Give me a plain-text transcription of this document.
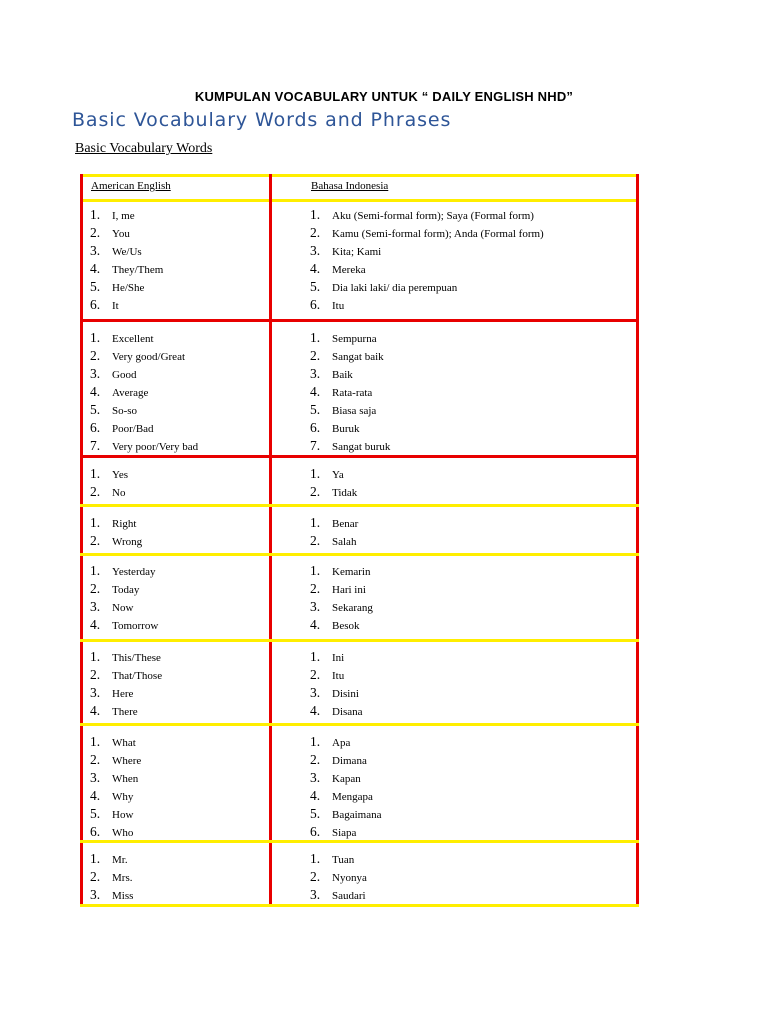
KUMPULAN VOCABULARY UNTUK “ DAILY ENGLISH NHD”
Basic Vocabulary Words and Phrases
Basic Vocabulary Words
American English	Bahasa Indonesia
1. I, me
2. You
3. We/Us
4. They/Them
5. He/She
6. It
1. Aku (Semi-formal form); Saya (Formal form)
2. Kamu (Semi-formal form); Anda (Formal form)
3. Kita; Kami
4. Mereka
5. Dia laki laki/ dia perempuan
6. Itu
1. Excellent
2. Very good/Great
3. Good
4. Average
5. So-so
6. Poor/Bad
7. Very poor/Very bad
1. Sempurna
2. Sangat baik
3. Baik
4. Rata-rata
5. Biasa saja
6. Buruk
7. Sangat buruk
1. Yes
2. No
1. Ya
2. Tidak
1. Right
2. Wrong
1. Benar
2. Salah
1. Yesterday
2. Today
3. Now
4. Tomorrow
1. Kemarin
2. Hari ini
3. Sekarang
4. Besok
1. This/These
2. That/Those
3. Here
4. There
1. Ini
2. Itu
3. Disini
4. Disana
1. What
2. Where
3. When
4. Why
5. How
6. Who
1. Apa
2. Dimana
3. Kapan
4. Mengapa
5. Bagaimana
6. Siapa
1. Mr.
2. Mrs.
3. Miss
1. Tuan
2. Nyonya
3. Saudari
